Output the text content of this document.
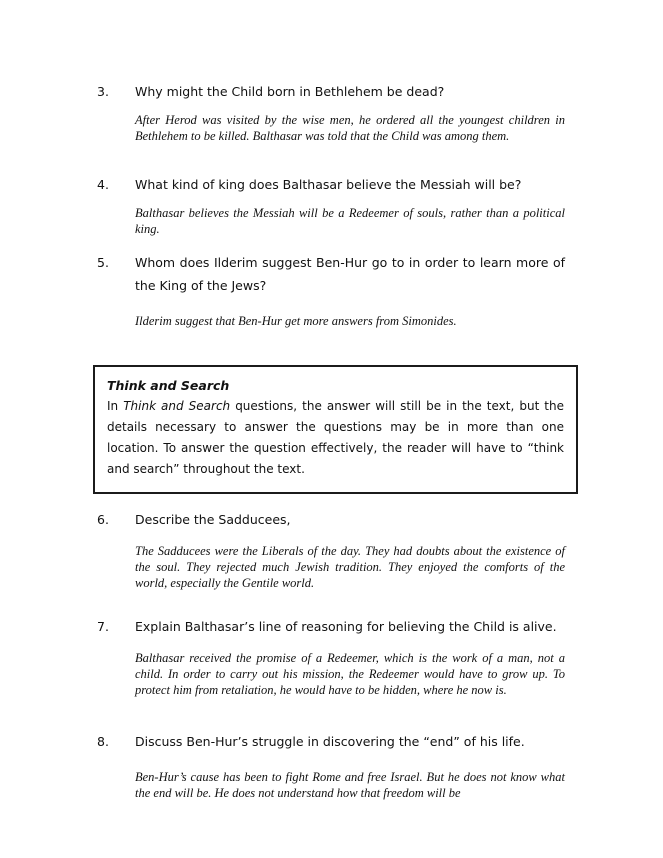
3.	Why might the Child born in Bethlehem be dead?
After Herod was visited by the wise men, he ordered all the youngest children in Bethlehem to be killed. Balthasar was told that the Child was among them.
4.	What kind of king does Balthasar believe the Messiah will be?
Balthasar believes the Messiah will be a Redeemer of souls, rather than a political king.
5.	Whom does Ilderim suggest Ben-Hur go to in order to learn more of the King of the Jews?
Ilderim suggest that Ben-Hur get more answers from Simonides.
Think and Search
In Think and Search questions, the answer will still be in the text, but the details necessary to answer the questions may be in more than one location. To answer the question effectively, the reader will have to “think and search” throughout the text.
6.	Describe the Sadducees,
The Sadducees were the Liberals of the day. They had doubts about the existence of the soul. They rejected much Jewish tradition. They enjoyed the comforts of the world, especially the Gentile world.
7.	Explain Balthasar’s line of reasoning for believing the Child is alive.
Balthasar received the promise of a Redeemer, which is the work of a man, not a child. In order to carry out his mission, the Redeemer would have to grow up. To protect him from retaliation, he would have to be hidden, where he now is.
8.	Discuss Ben-Hur’s struggle in discovering the “end” of his life.
Ben-Hur’s cause has been to fight Rome and free Israel. But he does not know what the end will be. He does not understand how that freedom will be
